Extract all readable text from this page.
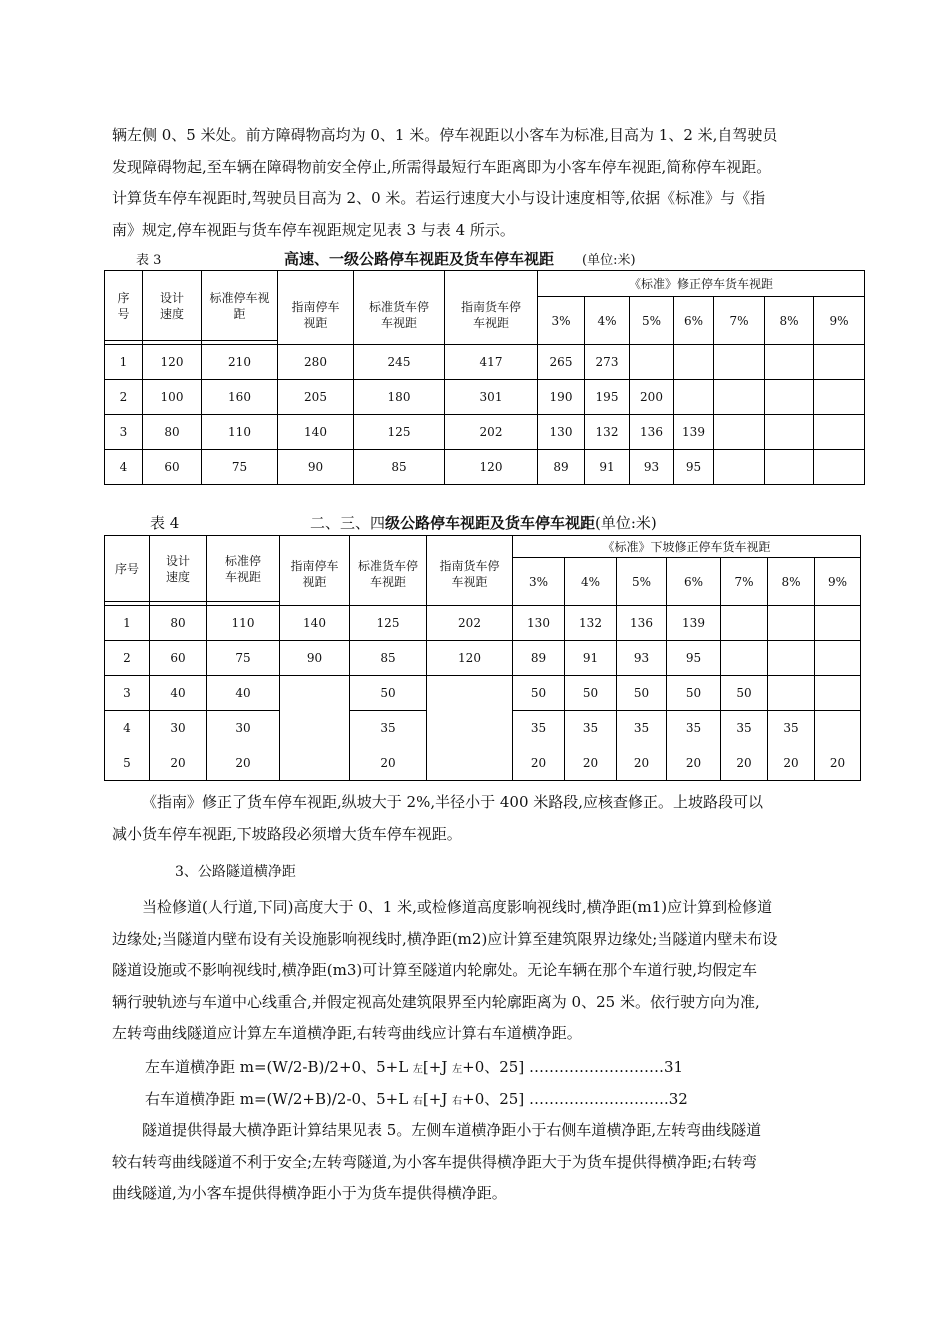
辆左侧 0、5 米处。前方障碍物高均为 0、1 米。停车视距以小客车为标准,目高为 1、2 米,自驾驶员
发现障碍物起,至车辆在障碍物前安全停止,所需得最短行车距离即为小客车停车视距,简称停车视距。
计算货车停车视距时,驾驶员目高为 2、0 米。若运行速度大小与设计速度相等,依据《标准》与《指
南》规定,停车视距与货车停车视距规定见表 3 与表 4 所示。
表 3	高速、一级公路停车视距及货车停车视距 (单位:米)
序号	设计速度	标准停车视距	指南停车视距	标准货车停车视距	指南货车停车视距	《标准》修正停车货车视距						
						3%	4%	5%	6%	7%	8%	9%

1	120	210	280	245	417	265	273					
2	100	160	205	180	301	190	195	200				
3	80	110	140	125	202	130	132	136	139			
4	60	75	90	85	120	89	91	93	95			
表 4	二、三、四级公路停车视距及货车停车视距(单位:米)
序号	设计速度	标准停车视距	指南停车视距	标准货车停车视距	指南货车停车视距	《标准》下坡修正停车货车视距						
						3%	4%	5%	6%	7%	8%	9%

1	80	110	140	125	202	130	132	136	139			
2	60	75	90	85	120	89	91	93	95			
3	40	40		50		50	50	50	50	50		
4	30	30		35		35	35	35	35	35	35	
5	20	20		20		20	20	20	20	20	20	20
《指南》修正了货车停车视距,纵坡大于 2%,半径小于 400 米路段,应核查修正。上坡路段可以
减小货车停车视距,下坡路段必须增大货车停车视距。
3、公路隧道横净距
当检修道(人行道,下同)高度大于 0、1 米,或检修道高度影响视线时,横净距(m1)应计算到检修道
边缘处;当隧道内壁布设有关设施影响视线时,横净距(m2)应计算至建筑限界边缘处;当隧道内壁未布设
隧道设施或不影响视线时,横净距(m3)可计算至隧道内轮廓处。无论车辆在那个车道行驶,均假定车
辆行驶轨迹与车道中心线重合,并假定视高处建筑限界至内轮廓距离为 0、25 米。依行驶方向为准,
左转弯曲线隧道应计算左车道横净距,右转弯曲线应计算右车道横净距。
左车道横净距 m=(W/2-B)/2+0、5+L 左[+J 左+0、25] ………………………31
右车道横净距 m=(W/2+B)/2-0、5+L 右[+J 右+0、25] ……………………….32
隧道提供得最大横净距计算结果见表 5。左侧车道横净距小于右侧车道横净距,左转弯曲线隧道
较右转弯曲线隧道不利于安全;左转弯隧道,为小客车提供得横净距大于为货车提供得横净距;右转弯
曲线隧道,为小客车提供得横净距小于为货车提供得横净距。
